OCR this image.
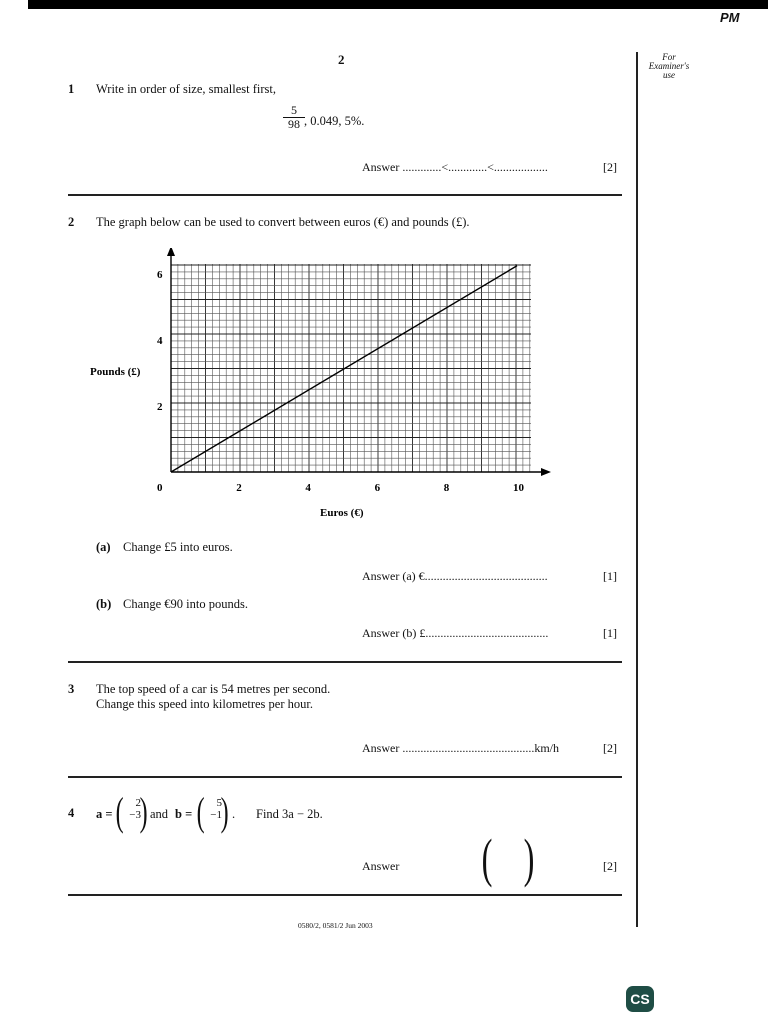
PM
For
Examiner's
use
2
1 Write in order of size, smallest first,
$\frac{5}{98}$ , 0.049, 5%.
Answer .............<.............<..................	[2]
2 The graph below can be used to convert between euros (€) and pounds (£).
0	2	4	6	8	10
2
4
6
Pounds (£)
Euros (€)
(a) Change £5 into euros.
Answer (a) €.........................................	[1]
(b) Change €90 into pounds.
Answer (b) £.........................................	[1]
3 The top speed of a car is 54 metres per second.
Change this speed into kilometres per hour.
Answer ............................................km/h	[2]
4 a = (	2
−3
) and b = (	5
−1
) . Find 3a − 2b.
Answer ( )	[2]
0580/2, 0581/2 Jun 2003
CS
